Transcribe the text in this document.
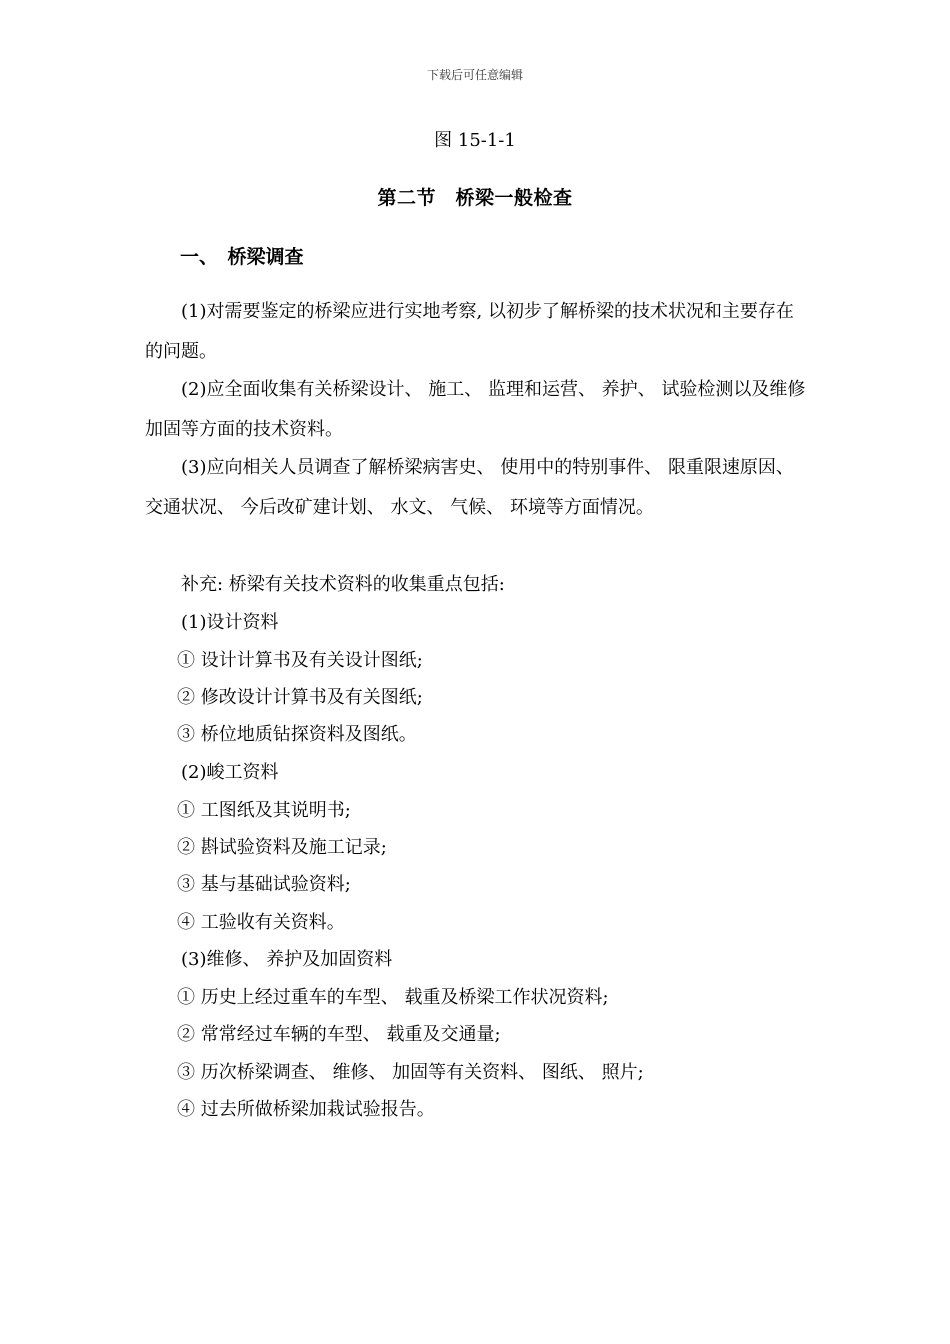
下载后可任意编辑
图 15-1-1
第二节　桥梁一般检查
一、　桥梁调查
(1)对需要鉴定的桥梁应进行实地考察, 以初步了解桥梁的技术状况和主要存在的问题。
(2)应全面收集有关桥梁设计、 施工、 监理和运营、 养护、 试验检测以及维修加固等方面的技术资料。
(3)应向相关人员调查了解桥梁病害史、 使用中的特别事件、 限重限速原因、 交通状况、 今后改矿建计划、 水文、 气候、 环境等方面情况。
补充: 桥梁有关技术资料的收集重点包括:
(1)设计资料
① 设计计算书及有关设计图纸;
② 修改设计计算书及有关图纸;
③ 桥位地质钻探资料及图纸。
(2)峻工资料
① 工图纸及其说明书;
② 斟试验资料及施工记录;
③ 基与基础试验资料;
④ 工验收有关资料。
(3)维修、 养护及加固资料
① 历史上经过重车的车型、 载重及桥梁工作状况资料;
② 常常经过车辆的车型、 载重及交通量;
③ 历次桥梁调查、 维修、 加固等有关资料、 图纸、 照片;
④ 过去所做桥梁加栽试验报告。
